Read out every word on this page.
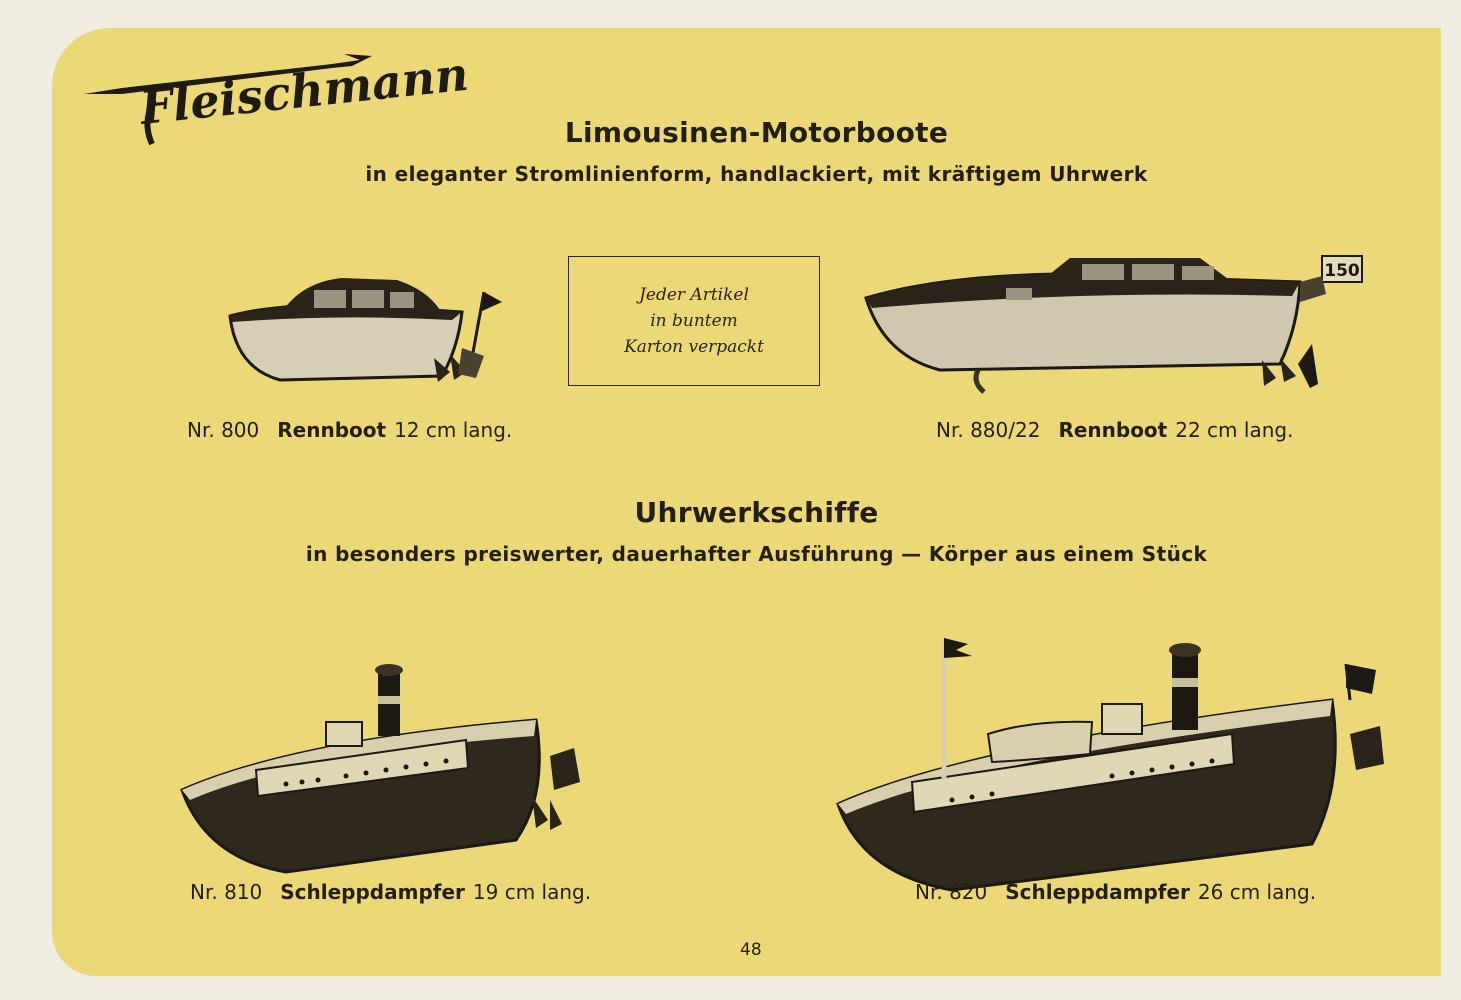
Fleischmann	Limousinen-Motorboote
in eleganter Stromlinienform, handlackiert, mit kräftigem Uhrwerk
Jeder Artikel
in buntem
Karton verpackt
150
Nr. 800 Rennboot 12 cm lang.	Nr. 880/22 Rennboot 22 cm lang.
Uhrwerkschiffe
in besonders preiswerter, dauerhafter Ausführung — Körper aus einem Stück
Nr. 810 Schleppdampfer 19 cm lang.	Nr. 820 Schleppdampfer 26 cm lang.
48
